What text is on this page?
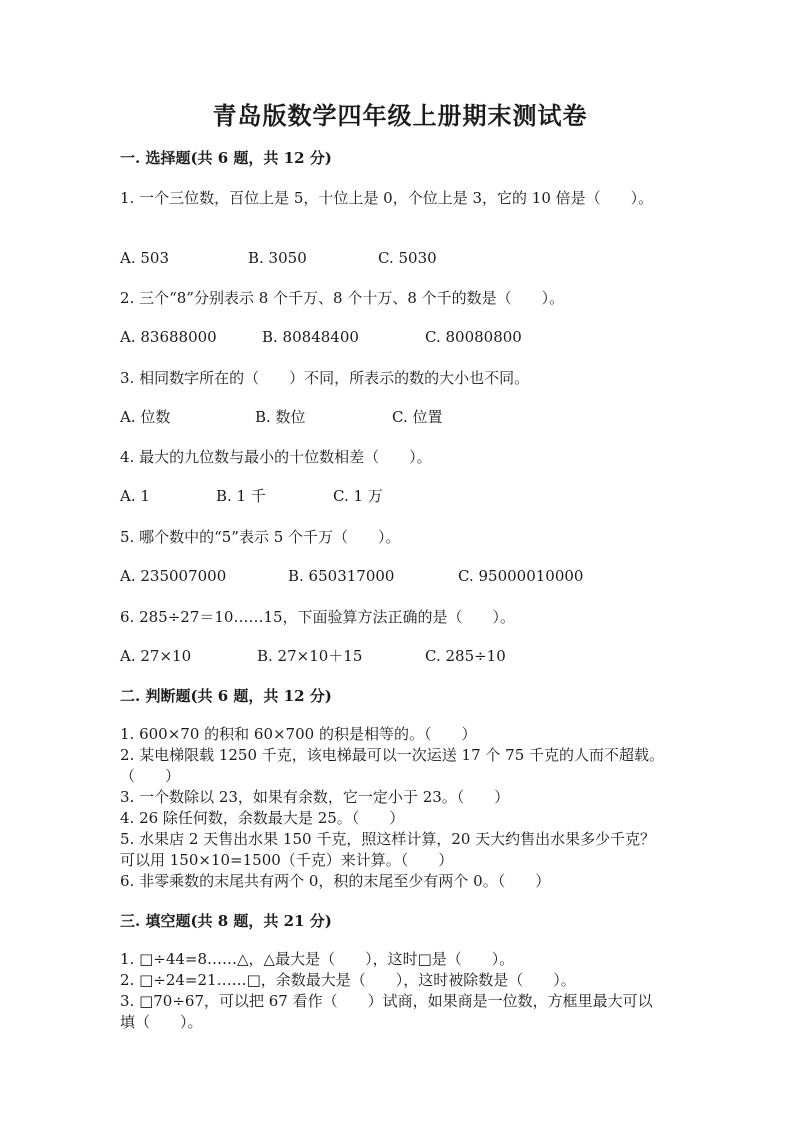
青岛版数学四年级上册期末测试卷
一. 选择题(共 6 题，共 12 分)
1. 一个三位数，百位上是 5，十位上是 0，个位上是 3，它的 10 倍是（　　）。
A. 503	B. 3050	C. 5030
2. 三个“8”分别表示 8 个千万、8 个十万、8 个千的数是（　　）。
A. 83688000	B. 80848400	C. 80080800
3. 相同数字所在的（　　）不同，所表示的数的大小也不同。
A. 位数	B. 数位	C. 位置
4. 最大的九位数与最小的十位数相差（　　）。
A. 1	B. 1 千	C. 1 万
5. 哪个数中的“5”表示 5 个千万（　　）。
A. 235007000	B. 650317000	C. 95000010000
6. 285÷27＝10……15，下面验算方法正确的是（　　）。
A. 27×10	B. 27×10＋15	C. 285÷10
二. 判断题(共 6 题，共 12 分)
1. 600×70 的积和 60×700 的积是相等的。（　　）
2. 某电梯限载 1250 千克，该电梯最可以一次运送 17 个 75 千克的人而不超载。
（　　）
3. 一个数除以 23，如果有余数，它一定小于 23。（　　）
4. 26 除任何数，余数最大是 25。（　　）
5. 水果店 2 天售出水果 150 千克，照这样计算，20 天大约售出水果多少千克？
可以用 150×10=1500（千克）来计算。（　　）
6. 非零乘数的末尾共有两个 0，积的末尾至少有两个 0。（　　）
三. 填空题(共 8 题，共 21 分)
1. □÷44=8……△，△最大是（　　），这时□是（　　）。
2. □÷24=21……□，余数最大是（　　），这时被除数是（　　）。
3. □70÷67，可以把 67 看作（　　）试商，如果商是一位数，方框里最大可以
填（　　）。
